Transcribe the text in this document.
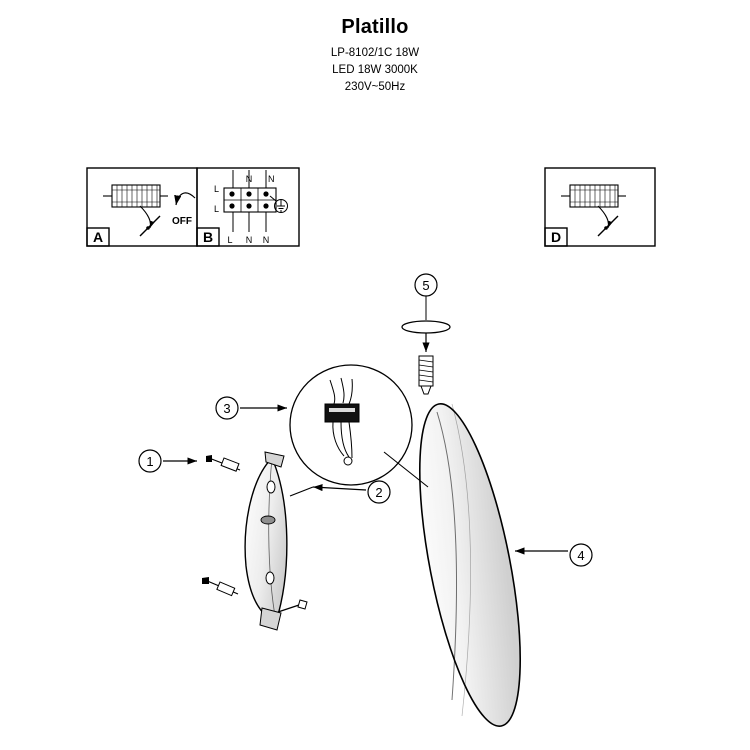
Platillo
LP-8102/1C 18W
LED 18W 3000K
230V~50Hz
A
OFF
B
L
N N
L
L N N	D
5
1
2
3
4
